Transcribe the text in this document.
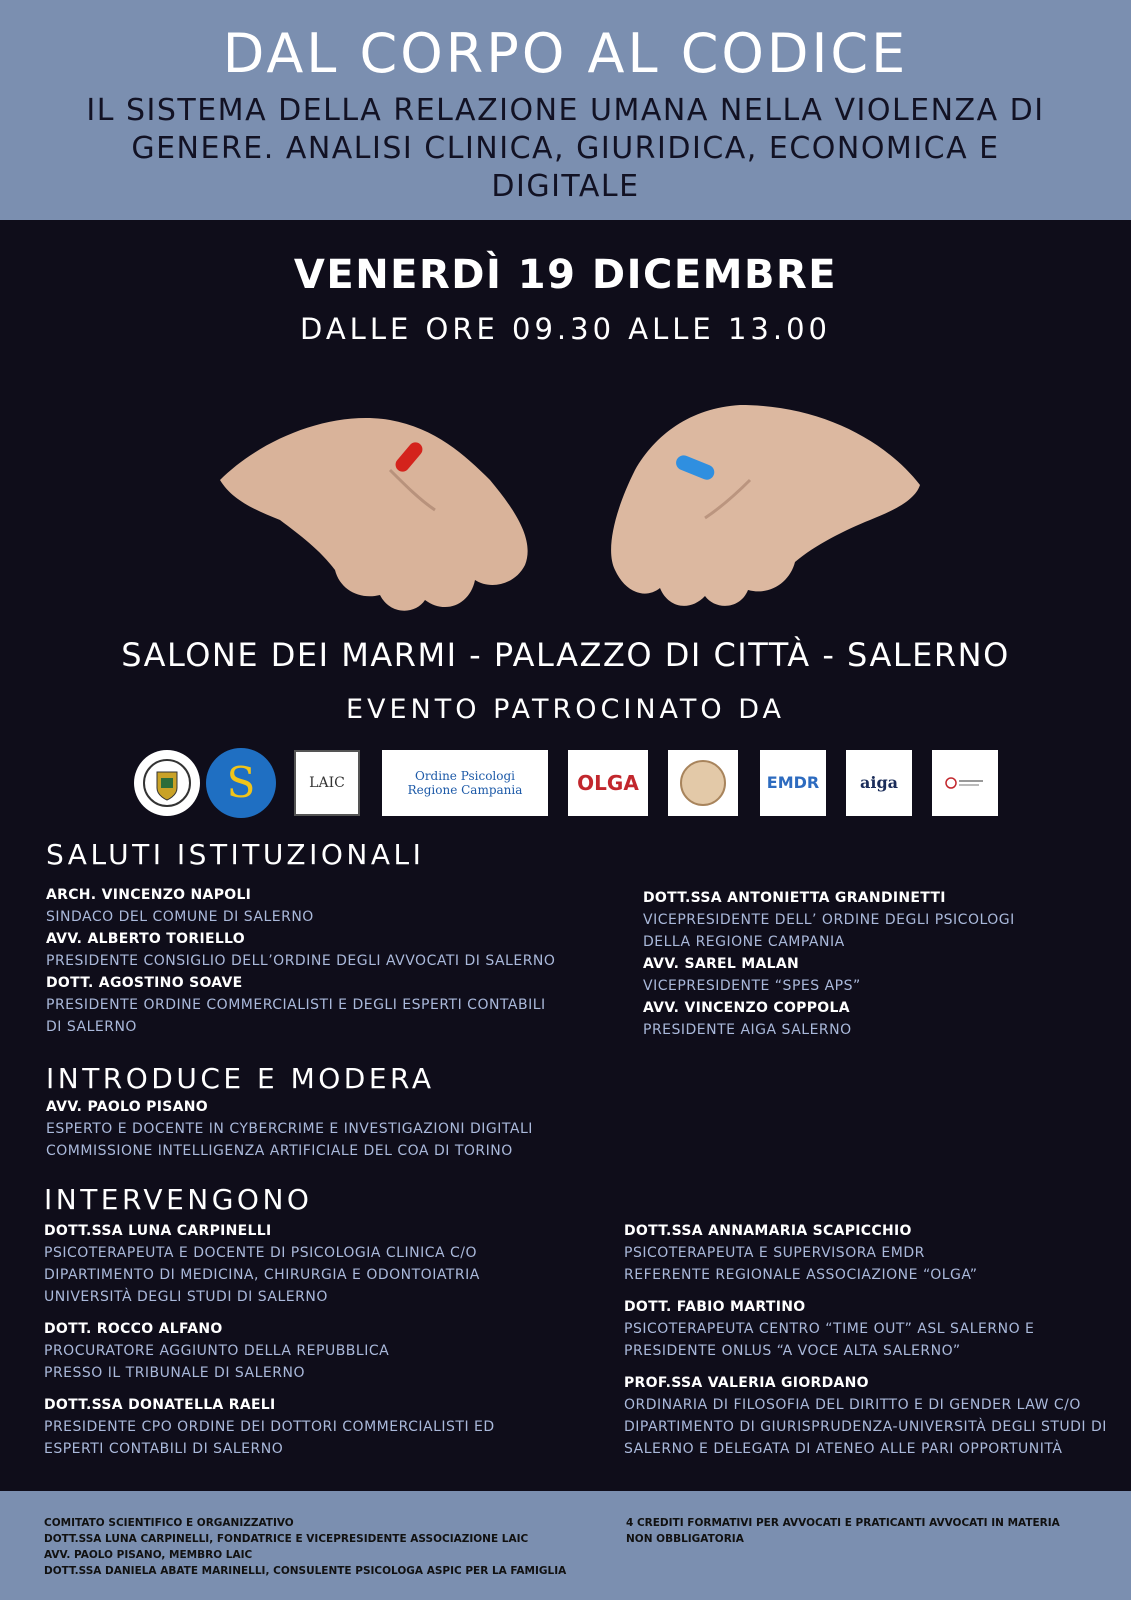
DAL CORPO AL CODICE
IL SISTEMA DELLA RELAZIONE UMANA NELLA VIOLENZA DI GENERE. ANALISI CLINICA, GIURIDICA, ECONOMICA E DIGITALE
VENERDÌ 19 DICEMBRE
DALLE ORE 09.30 ALLE 13.00
SALONE DEI MARMI - PALAZZO DI CITTÀ - SALERNO
EVENTO PATROCINATO DA
S	LAIC	Ordine Psicologi Regione Campania	OLGA	EMDR	aiga
SALUTI ISTITUZIONALI
ARCH. VINCENZO NAPOLI
SINDACO DEL COMUNE DI SALERNO
AVV. ALBERTO TORIELLO
PRESIDENTE CONSIGLIO DELL’ORDINE DEGLI AVVOCATI DI SALERNO
DOTT. AGOSTINO SOAVE
PRESIDENTE ORDINE COMMERCIALISTI E DEGLI ESPERTI CONTABILI
DI SALERNO
DOTT.SSA ANTONIETTA GRANDINETTI
VICEPRESIDENTE DELL’ ORDINE DEGLI PSICOLOGI
DELLA REGIONE CAMPANIA
AVV. SAREL MALAN
VICEPRESIDENTE “SPES APS”
AVV. VINCENZO COPPOLA
PRESIDENTE AIGA SALERNO
INTRODUCE E MODERA
AVV. PAOLO PISANO
ESPERTO E DOCENTE IN CYBERCRIME E INVESTIGAZIONI DIGITALI
COMMISSIONE INTELLIGENZA ARTIFICIALE DEL COA DI TORINO
INTERVENGONO
DOTT.SSA LUNA CARPINELLI
PSICOTERAPEUTA E DOCENTE DI PSICOLOGIA CLINICA C/O
DIPARTIMENTO DI MEDICINA, CHIRURGIA E ODONTOIATRIA
UNIVERSITÀ DEGLI STUDI DI SALERNO
DOTT. ROCCO ALFANO
PROCURATORE AGGIUNTO DELLA REPUBBLICA
PRESSO IL TRIBUNALE DI SALERNO
DOTT.SSA DONATELLA RAELI
PRESIDENTE CPO ORDINE DEI DOTTORI COMMERCIALISTI ED
ESPERTI CONTABILI DI SALERNO
DOTT.SSA ANNAMARIA SCAPICCHIO
PSICOTERAPEUTA E SUPERVISORA EMDR
REFERENTE REGIONALE ASSOCIAZIONE “OLGA”
DOTT. FABIO MARTINO
PSICOTERAPEUTA CENTRO “TIME OUT” ASL SALERNO E
PRESIDENTE ONLUS “A VOCE ALTA SALERNO”
PROF.SSA VALERIA GIORDANO
ORDINARIA DI FILOSOFIA DEL DIRITTO E DI GENDER LAW C/O
DIPARTIMENTO DI GIURISPRUDENZA-UNIVERSITÀ DEGLI STUDI DI
SALERNO E DELEGATA DI ATENEO ALLE PARI OPPORTUNITÀ
COMITATO SCIENTIFICO E ORGANIZZATIVO
DOTT.SSA LUNA CARPINELLI, FONDATRICE E VICEPRESIDENTE ASSOCIAZIONE LAIC
AVV. PAOLO PISANO, MEMBRO LAIC
DOTT.SSA DANIELA ABATE MARINELLI, CONSULENTE PSICOLOGA ASPIC PER LA FAMIGLIA
4 CREDITI FORMATIVI PER AVVOCATI E PRATICANTI AVVOCATI IN MATERIA
NON OBBLIGATORIA
